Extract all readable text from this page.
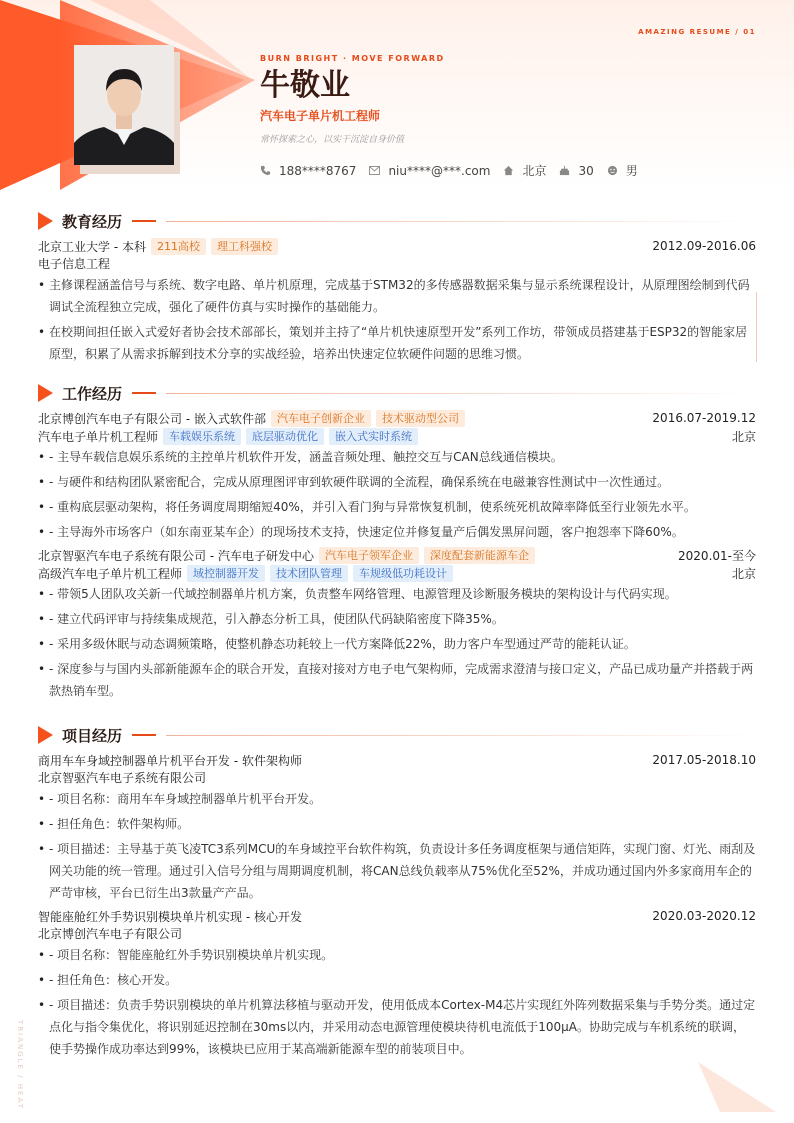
AMAZING RESUME / 01
BURN BRIGHT · MOVE FORWARD
牛敬业
汽车电子单片机工程师
常怀探索之心，以实干沉淀自身价值
188****8767	niu****@***.com	北京	30	男
教育经历
北京工业大学 - 本科	211高校	理工科强校	2012.09-2016.06
电子信息工程
• 主修课程涵盖信号与系统、数字电路、单片机原理，完成基于STM32的多传感器数据采集与显示系统课程设计，从原理图绘制到代码调试全流程独立完成，强化了硬件仿真与实时操作的基础能力。
• 在校期间担任嵌入式爱好者协会技术部部长，策划并主持了“单片机快速原型开发”系列工作坊，带领成员搭建基于ESP32的智能家居原型，积累了从需求拆解到技术分享的实战经验，培养出快速定位软硬件问题的思维习惯。
工作经历
北京博创汽车电子有限公司 - 嵌入式软件部	汽车电子创新企业	技术驱动型公司	2016.07-2019.12
汽车电子单片机工程师	车载娱乐系统	底层驱动优化	嵌入式实时系统	北京
• - 主导车载信息娱乐系统的主控单片机软件开发，涵盖音频处理、触控交互与CAN总线通信模块。
• - 与硬件和结构团队紧密配合，完成从原理图评审到软硬件联调的全流程，确保系统在电磁兼容性测试中一次性通过。
• - 重构底层驱动架构，将任务调度周期缩短40%，并引入看门狗与异常恢复机制，使系统死机故障率降低至行业领先水平。
• - 主导海外市场客户（如东南亚某车企）的现场技术支持，快速定位并修复量产后偶发黑屏问题，客户抱怨率下降60%。
北京智驱汽车电子系统有限公司 - 汽车电子研发中心	汽车电子领军企业	深度配套新能源车企	2020.01-至今
高级汽车电子单片机工程师	域控制器开发	技术团队管理	车规级低功耗设计	北京
• - 带领5人团队攻关新一代域控制器单片机方案，负责整车网络管理、电源管理及诊断服务模块的架构设计与代码实现。
• - 建立代码评审与持续集成规范，引入静态分析工具，使团队代码缺陷密度下降35%。
• - 采用多级休眠与动态调频策略，使整机静态功耗较上一代方案降低22%，助力客户车型通过严苛的能耗认证。
• - 深度参与与国内头部新能源车企的联合开发，直接对接对方电子电气架构师，完成需求澄清与接口定义，产品已成功量产并搭载于两款热销车型。
项目经历
商用车车身域控制器单片机平台开发 - 软件架构师	2017.05-2018.10
北京智驱汽车电子系统有限公司
• - 项目名称：商用车车身域控制器单片机平台开发。
• - 担任角色：软件架构师。
• - 项目描述：主导基于英飞凌TC3系列MCU的车身域控平台软件构筑，负责设计多任务调度框架与通信矩阵，实现门窗、灯光、雨刮及网关功能的统一管理。通过引入信号分组与周期调度机制，将CAN总线负载率从75%优化至52%，并成功通过国内外多家商用车企的严苛审核，平台已衍生出3款量产产品。
智能座舱红外手势识别模块单片机实现 - 核心开发	2020.03-2020.12
北京博创汽车电子有限公司
• - 项目名称：智能座舱红外手势识别模块单片机实现。
• - 担任角色：核心开发。
• - 项目描述：负责手势识别模块的单片机算法移植与驱动开发，使用低成本Cortex-M4芯片实现红外阵列数据采集与手势分类。通过定点化与指令集优化，将识别延迟控制在30ms以内，并采用动态电源管理使模块待机电流低于100μA。协助完成与车机系统的联调，使手势操作成功率达到99%，该模块已应用于某高端新能源车型的前装项目中。
TRIANGLE / HEAT
